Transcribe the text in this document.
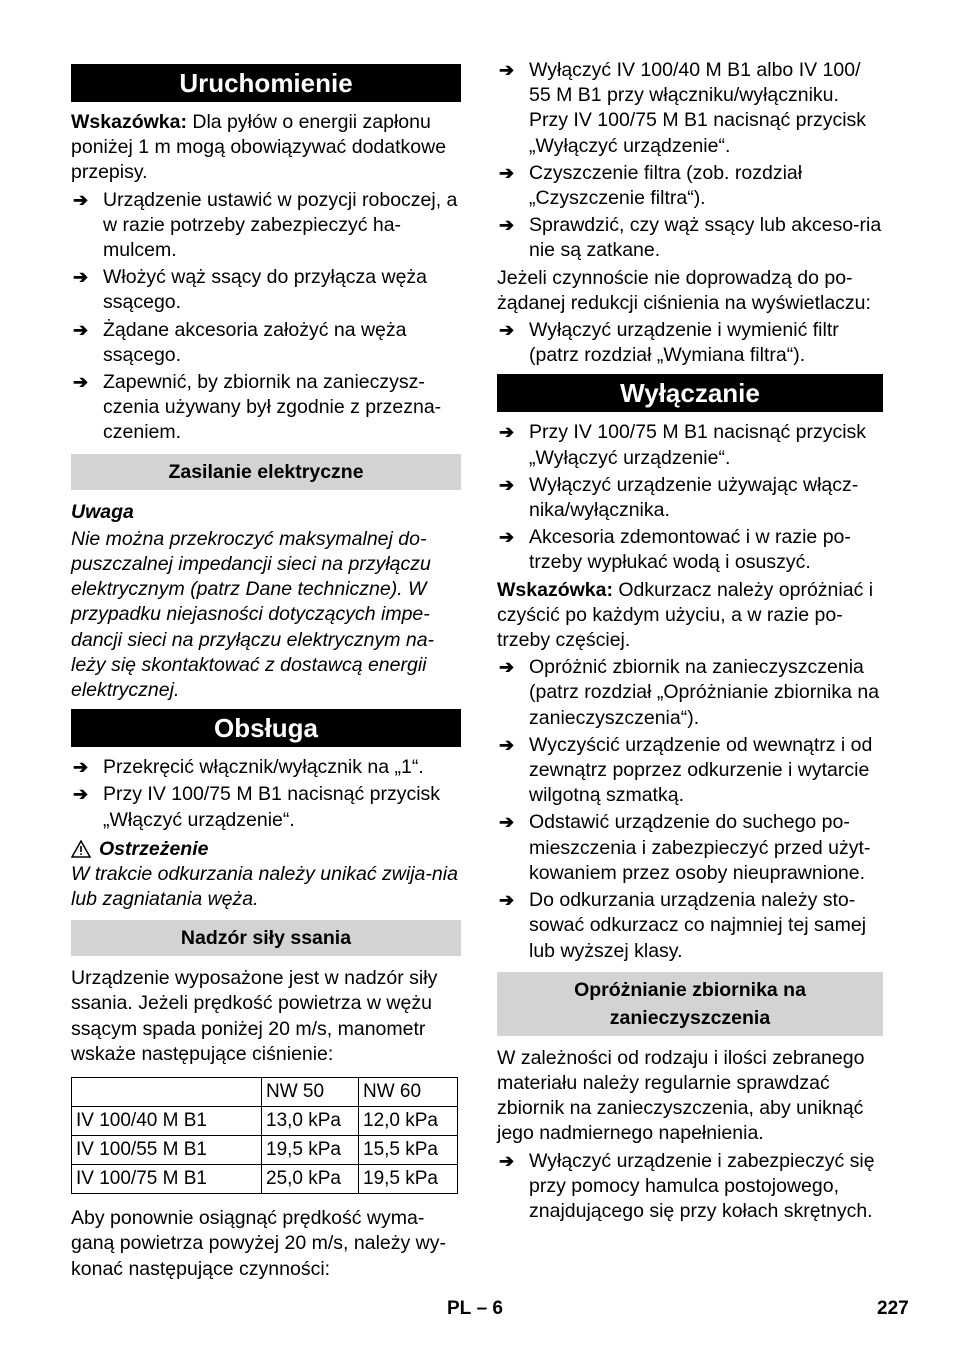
Uruchomienie

Wskazówka: Dla pyłów o energii zapłonu poniżej 1 m mogą obowiązywać dodatkowe przepisy.

➔ Urządzenie ustawić w pozycji roboczej, a w razie potrzeby zabezpieczyć ha-mulcem.
➔ Włożyć wąż ssący do przyłącza węża ssącego.
➔ Żądane akcesoria założyć na węża ssącego.
➔ Zapewnić, by zbiornik na zanieczysz-czenia używany był zgodnie z przezna-czeniem.
Zasilanie elektryczne

Uwaga

Nie można przekroczyć maksymalnej do-puszczalnej impedancji sieci na przyłączu elektrycznym (patrz Dane techniczne). W przypadku niejasności dotyczących impe-dancji sieci na przyłączu elektrycznym na-leży się skontaktować z dostawcą energii elektrycznej.

Obsługa
➔ Przekręcić włącznik/wyłącznik na „1“.
➔ Przy IV 100/75 M B1 nacisnąć przycisk „Włączyć urządzenie“.
Ostrzeżenie

W trakcie odkurzania należy unikać zwija-nia lub zagniatania węża.

Nadzór siły ssania

Urządzenie wyposażone jest w nadzór siły ssania. Jeżeli prędkość powietrza w wężu ssącym spada poniżej 20 m/s, manometr wskaże następujące ciśnienie:

	NW 50	NW 60
IV 100/40 M B1	13,0 kPa	12,0 kPa
IV 100/55 M B1	19,5 kPa	15,5 kPa
IV 100/75 M B1	25,0 kPa	19,5 kPa

Aby ponownie osiągnąć prędkość wyma-ganą powietrza powyżej 20 m/s, należy wy-konać następujące czynności:

➔ Wyłączyć IV 100/40 M B1 albo IV 100/ 55 M B1 przy włączniku/wyłączniku. Przy IV 100/75 M B1 nacisnąć przycisk „Wyłączyć urządzenie“.
➔ Czyszczenie filtra (zob. rozdział „Czyszczenie filtra“).
➔ Sprawdzić, czy wąż ssący lub akceso-ria nie są zatkane.

Jeżeli czynnoście nie doprowadzą do po-żądanej redukcji ciśnienia na wyświetlaczu:

➔ Wyłączyć urządzenie i wymienić filtr (patrz rozdział „Wymiana filtra“).
Wyłączanie
➔ Przy IV 100/75 M B1 nacisnąć przycisk „Wyłączyć urządzenie“.
➔ Wyłączyć urządzenie używając włącz-nika/wyłącznika.
➔ Akcesoria zdemontować i w razie po-trzeby wypłukać wodą i osuszyć.

Wskazówka: Odkurzacz należy opróżniać i czyścić po każdym użyciu, a w razie po-trzeby częściej.

➔ Opróżnić zbiornik na zanieczyszczenia (patrz rozdział „Opróżnianie zbiornika na zanieczyszczenia“).
➔ Wyczyścić urządzenie od wewnątrz i od zewnątrz poprzez odkurzenie i wytarcie wilgotną szmatką.
➔ Odstawić urządzenie do suchego po-mieszczenia i zabezpieczyć przed użyt-kowaniem przez osoby nieuprawnione.
➔ Do odkurzania urządzenia należy sto-sować odkurzacz co najmniej tej samej lub wyższej klasy.
Opróżnianie zbiornika na zanieczyszczenia

W zależności od rodzaju i ilości zebranego materiału należy regularnie sprawdzać zbiornik na zanieczyszczenia, aby uniknąć jego nadmiernego napełnienia.

➔ Wyłączyć urządzenie i zabezpieczyć się przy pomocy hamulca postojowego, znajdującego się przy kołach skrętnych.
PL – 6	227
